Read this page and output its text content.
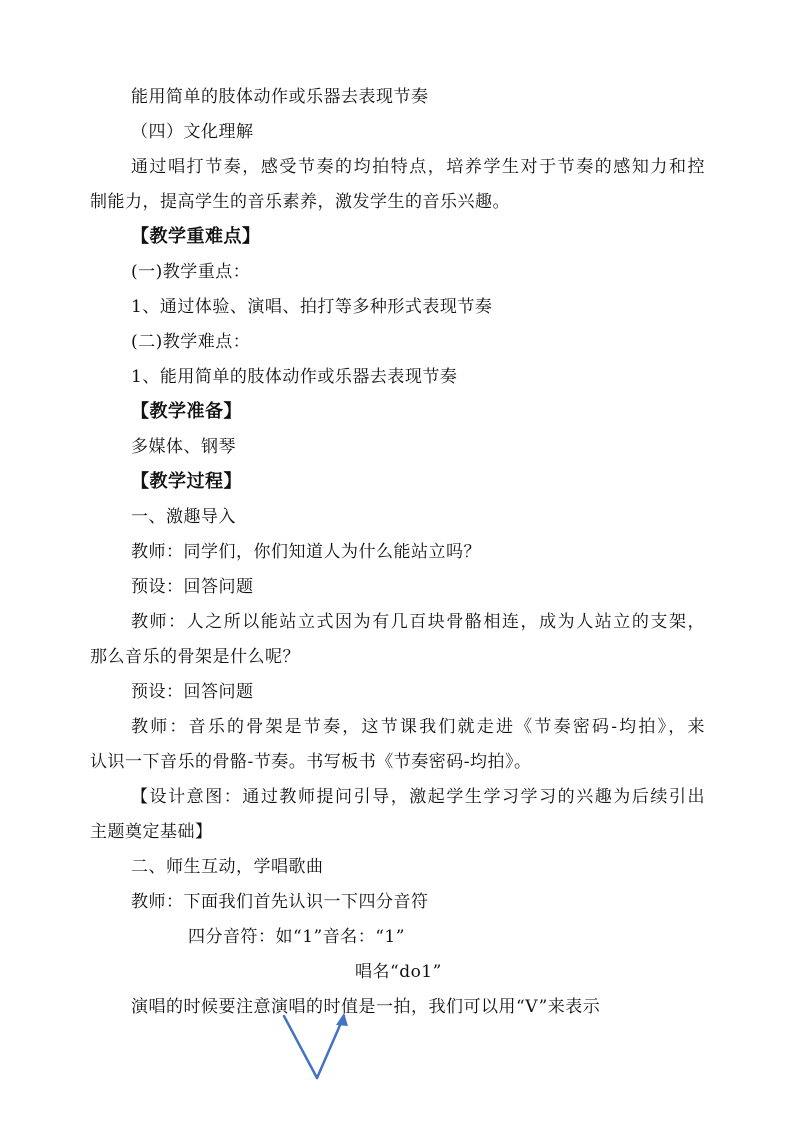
能用简单的肢体动作或乐器去表现节奏
（四）文化理解
通过唱打节奏，感受节奏的均拍特点，培养学生对于节奏的感知力和控
制能力，提高学生的音乐素养，激发学生的音乐兴趣。
【教学重难点】
(一)教学重点：
1、通过体验、演唱、拍打等多种形式表现节奏
(二)教学难点：
1、能用简单的肢体动作或乐器去表现节奏
【教学准备】
多媒体、钢琴
【教学过程】
一、激趣导入
教师：同学们，你们知道人为什么能站立吗？
预设：回答问题
教师：人之所以能站立式因为有几百块骨骼相连，成为人站立的支架，
那么音乐的骨架是什么呢？
预设：回答问题
教师：音乐的骨架是节奏，这节课我们就走进《节奏密码-均拍》，来
认识一下音乐的骨骼-节奏。书写板书《节奏密码-均拍》。
【设计意图：通过教师提问引导，激起学生学习学习的兴趣为后续引出
主题奠定基础】
二、师生互动，学唱歌曲
教师：下面我们首先认识一下四分音符
四分音符：如“1”音名：“1”
唱名“do1”
演唱的时候要注意演唱的时值是一拍，我们可以用“V”来表示
